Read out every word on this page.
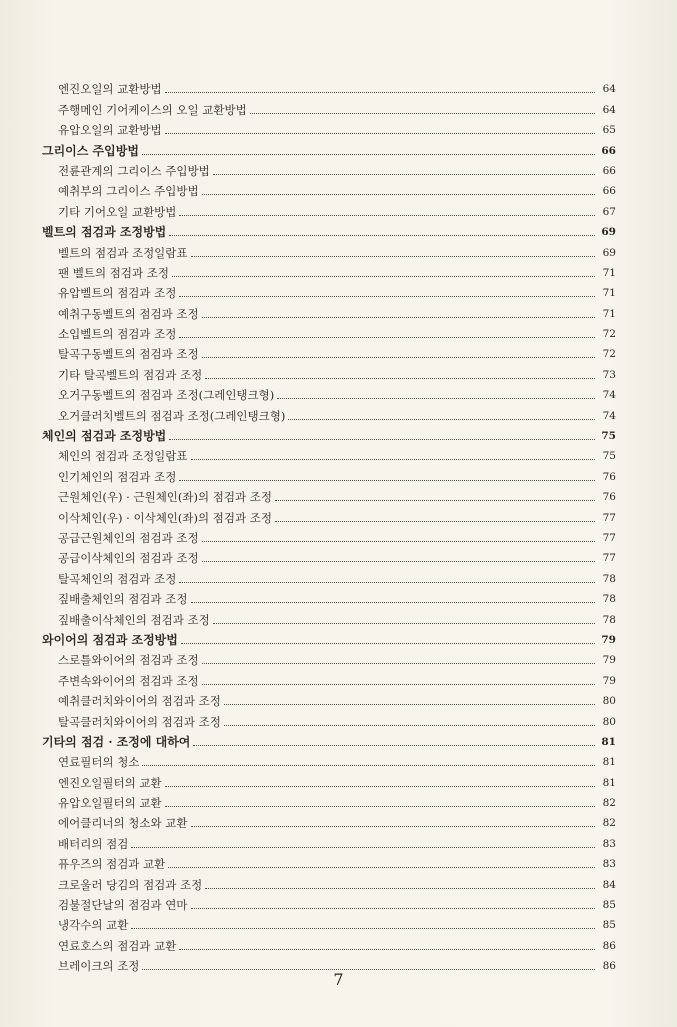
엔진오일의 교환방법	64
주행메인 기어케이스의 오일 교환방법	64
유압오일의 교환방법	65
그리이스 주입방법	66
전륜관계의 그리이스 주입방법	66
예취부의 그리이스 주입방법	66
기타 기어오일 교환방법	67
벨트의 점검과 조정방법	69
벨트의 점검과 조정일람표	69
팬 벨트의 점검과 조정	71
유압벨트의 점검과 조정	71
예취구동벨트의 점검과 조정	71
소입벨트의 점검과 조정	72
탈곡구동벨트의 점검과 조정	72
기타 탈곡벨트의 점검과 조정	73
오거구동벨트의 점검과 조정(그레인탱크형)	74
오거클러치벨트의 점검과 조정(그레인탱크형)	74
체인의 점검과 조정방법	75
체인의 점검과 조정일람표	75
인기체인의 점검과 조정	76
근원체인(우) · 근원체인(좌)의 점검과 조정	76
이삭체인(우) · 이삭체인(좌)의 점검과 조정	77
공급근원체인의 점검과 조정	77
공급이삭체인의 점검과 조정	77
탈곡체인의 점검과 조정	78
짚배출체인의 점검과 조정	78
짚배출이삭체인의 점검과 조정	78
와이어의 점검과 조정방법	79
스로틀와이어의 점검과 조정	79
주변속와이어의 점검과 조정	79
예취클러치와이어의 점검과 조정	80
탈곡클러치와이어의 점검과 조정	80
기타의 점검 · 조정에 대하여	81
연료필터의 청소	81
엔진오일필터의 교환	81
유압오일필터의 교환	82
에어클리너의 청소와 교환	82
배터리의 점검	83
퓨우즈의 점검과 교환	83
크로울러 당김의 점검과 조정	84
검불절단날의 점검과 연마	85
냉각수의 교환	85
연료호스의 점검과 교환	86
브레이크의 조정	86
7
